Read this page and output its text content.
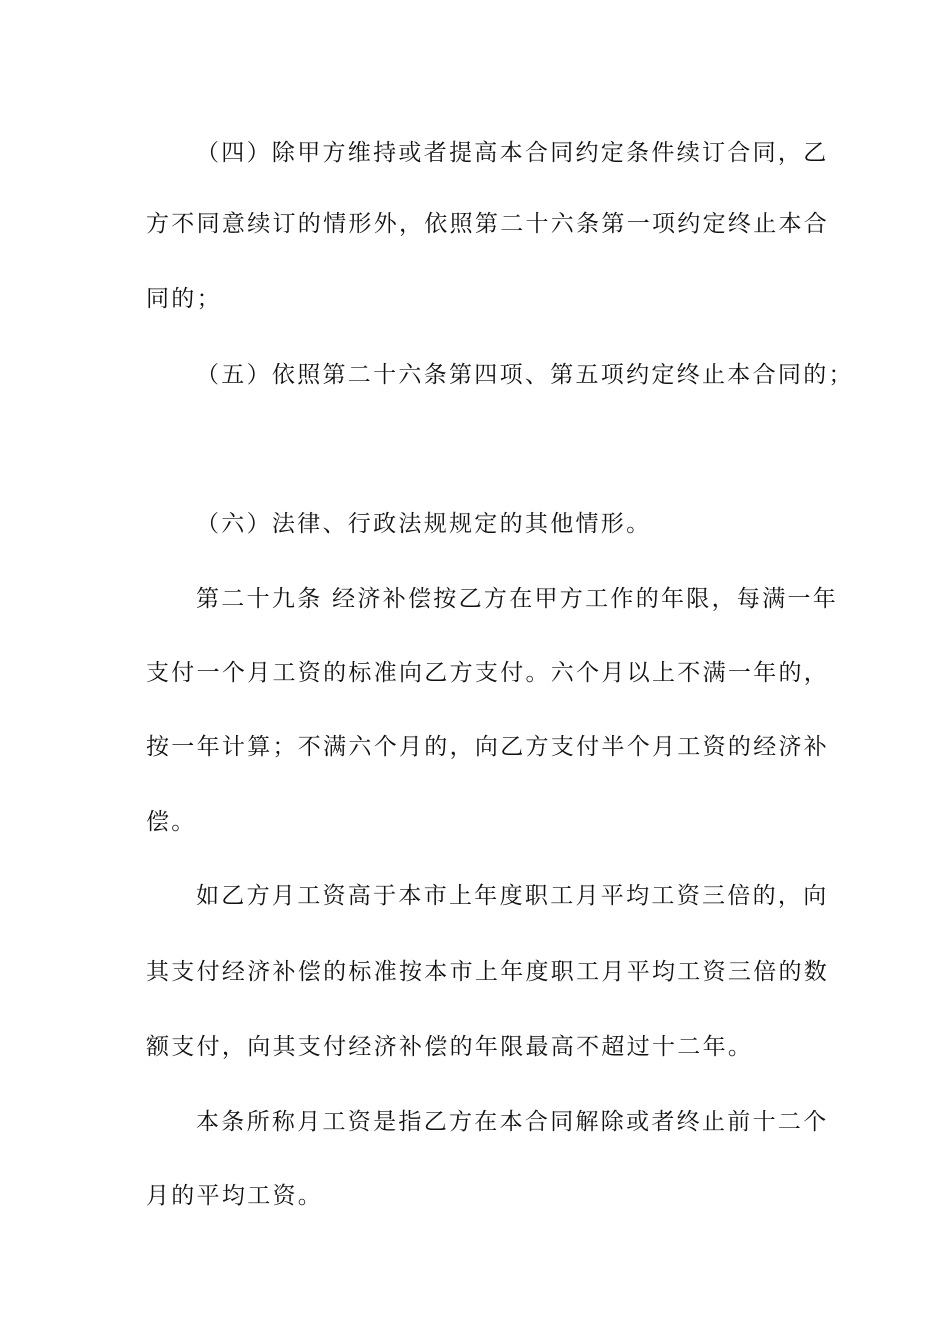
（四）除甲方维持或者提高本合同约定条件续订合同，乙
方不同意续订的情形外，依照第二十六条第一项约定终止本合
同的；
（五）依照第二十六条第四项、第五项约定终止本合同的；
（六）法律、行政法规规定的其他情形。
第二十九条 经济补偿按乙方在甲方工作的年限，每满一年
支付一个月工资的标准向乙方支付。六个月以上不满一年的，
按一年计算；不满六个月的，向乙方支付半个月工资的经济补
偿。
如乙方月工资高于本市上年度职工月平均工资三倍的，向
其支付经济补偿的标准按本市上年度职工月平均工资三倍的数
额支付，向其支付经济补偿的年限最高不超过十二年。
本条所称月工资是指乙方在本合同解除或者终止前十二个
月的平均工资。
